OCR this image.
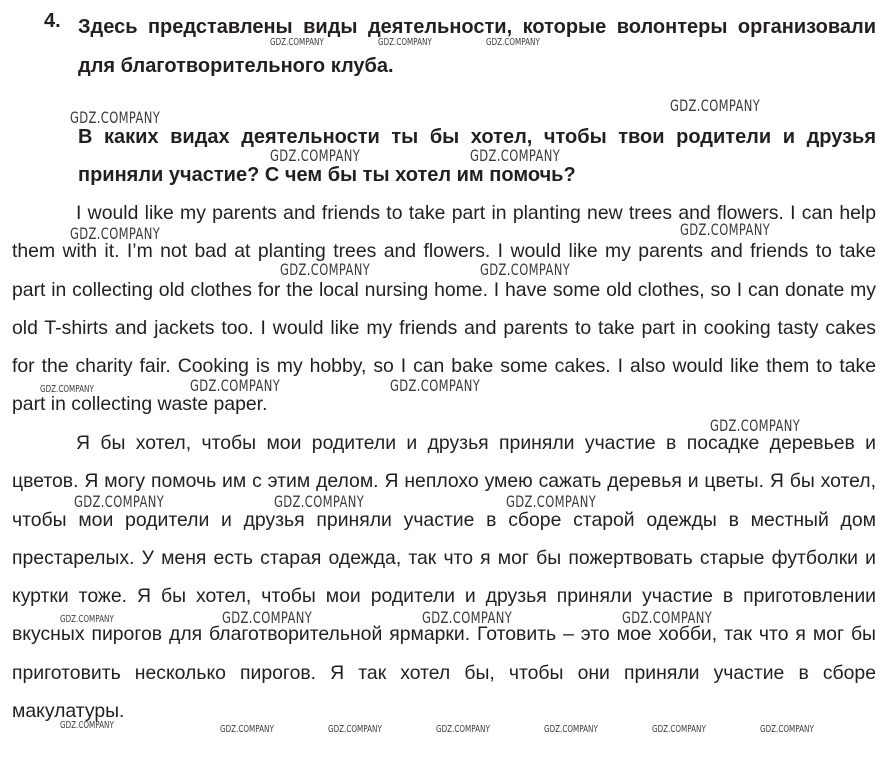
4. Здесь представлены виды деятельности, которые волонтеры организовали для благотворительного клуба.

В каких видах деятельности ты бы хотел, чтобы твои родители и друзья приняли участие? С чем бы ты хотел им помочь?

I would like my parents and friends to take part in planting new trees and flowers. I can help them with it. I’m not bad at planting trees and flowers. I would like my parents and friends to take part in collecting old clothes for the local nursing home. I have some old clothes, so I can donate my old T-shirts and jackets too. I would like my friends and parents to take part in cooking tasty cakes for the charity fair. Cooking is my hobby, so I can bake some cakes. I also would like them to take part in collecting waste paper.

Я бы хотел, чтобы мои родители и друзья приняли участие в посадке деревьев и цветов. Я могу помочь им с этим делом. Я неплохо умею сажать деревья и цветы. Я бы хотел, чтобы мои родители и друзья приняли участие в сборе старой одежды в местный дом престарелых. У меня есть старая одежда, так что я мог бы пожертвовать старые футболки и куртки тоже. Я бы хотел, чтобы мои родители и друзья приняли участие в приготовлении вкусных пирогов для благотворительной ярмарки. Готовить – это мое хобби, так что я мог бы приготовить несколько пирогов. Я так хотел бы, чтобы они приняли участие в сборе макулатуры.

GDZ.COMPANY
GDZ.COMPANY
GDZ.COMPANY	GDZ.COMPANY
GDZ.COMPANY	GDZ.COMPANY
GDZ.COMPANY	GDZ.COMPANY
GDZ.COMPANY	GDZ.COMPANY
GDZ.COMPANY
GDZ.COMPANY	GDZ.COMPANY	GDZ.COMPANY
GDZ.COMPANY	GDZ.COMPANY	GDZ.COMPANY
GDZ.COMPANY	GDZ.COMPANY	GDZ.COMPANY
GDZ.COMPANY
GDZ.COMPANY
GDZ.COMPANY	GDZ.COMPANY	GDZ.COMPANY	GDZ.COMPANY	GDZ.COMPANY	GDZ.COMPANY	GDZ.COMPANY
